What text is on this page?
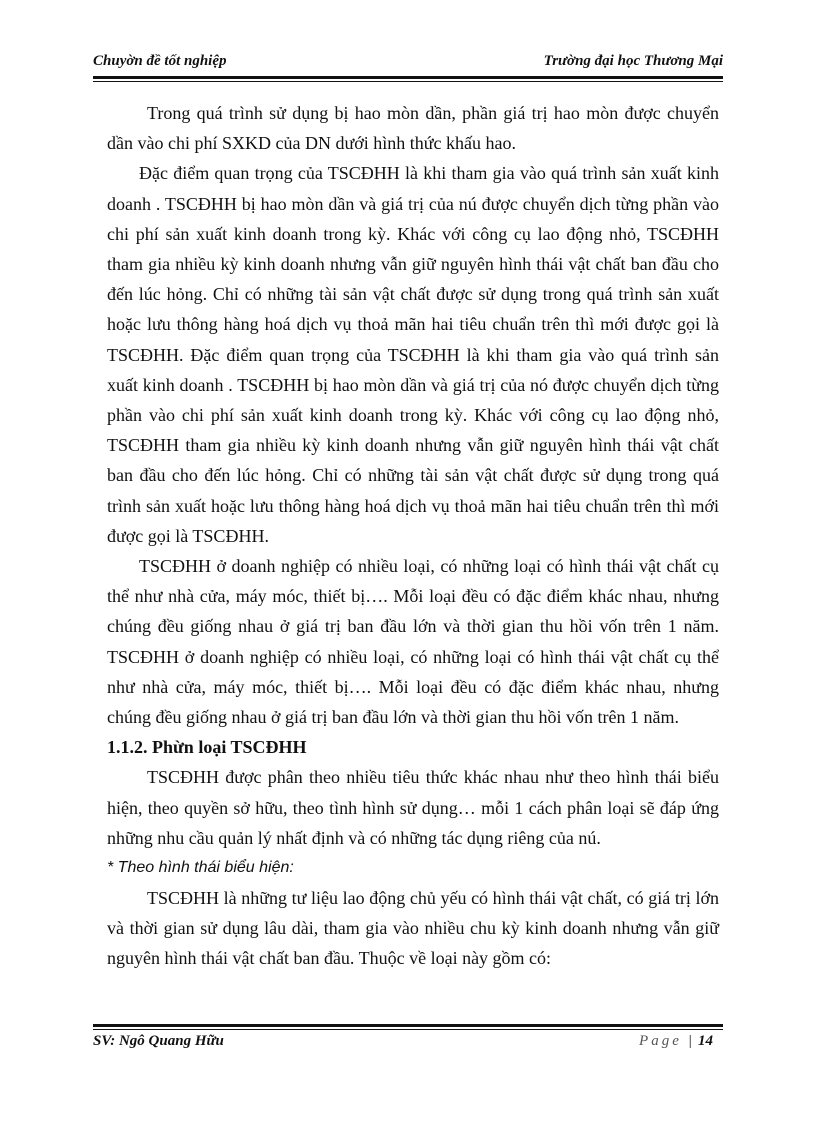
Chuyờn đề tốt nghiệp	Trường đại học Thương Mại

Trong quá trình sử dụng bị hao mòn dần, phần giá trị hao mòn được chuyển dần vào chi phí SXKD của DN dưới hình thức khấu hao.

Đặc điểm quan trọng của TSCĐHH là khi tham gia vào quá trình sản xuất kinh doanh . TSCĐHH bị hao mòn dần và giá trị của nú được chuyển dịch từng phần vào chi phí sản xuất kinh doanh trong kỳ. Khác với công cụ lao động nhỏ, TSCĐHH tham gia nhiều kỳ kinh doanh nhưng vẫn giữ nguyên hình thái vật chất ban đầu cho đến lúc hỏng. Chỉ có những tài sản vật chất được sử dụng trong quá trình sản xuất hoặc lưu thông hàng hoá dịch vụ thoả mãn hai tiêu chuẩn trên thì mới được gọi là TSCĐHH. Đặc điểm quan trọng của TSCĐHH là khi tham gia vào quá trình sản xuất kinh doanh . TSCĐHH bị hao mòn dần và giá trị của nó được chuyển dịch từng phần vào chi phí sản xuất kinh doanh trong kỳ. Khác với công cụ lao động nhỏ, TSCĐHH tham gia nhiều kỳ kinh doanh nhưng vẫn giữ nguyên hình thái vật chất ban đầu cho đến lúc hỏng. Chỉ có những tài sản vật chất được sử dụng trong quá trình sản xuất hoặc lưu thông hàng hoá dịch vụ thoả mãn hai tiêu chuẩn trên thì mới được gọi là TSCĐHH.

TSCĐHH ở doanh nghiệp có nhiều loại, có những loại có hình thái vật chất cụ thể như nhà cửa, máy móc, thiết bị…. Mỗi loại đều có đặc điểm khác nhau, nhưng chúng đều giống nhau ở giá trị ban đầu lớn và thời gian thu hồi vốn trên 1 năm. TSCĐHH ở doanh nghiệp có nhiều loại, có những loại có hình thái vật chất cụ thể như nhà cửa, máy móc, thiết bị…. Mỗi loại đều có đặc điểm khác nhau, nhưng chúng đều giống nhau ở giá trị ban đầu lớn và thời gian thu hồi vốn trên 1 năm.

1.1.2. Phừn loại TSCĐHH

TSCĐHH được phân theo nhiều tiêu thức khác nhau như theo hình thái biểu hiện, theo quyền sở hữu, theo tình hình sử dụng… mỗi 1 cách phân loại sẽ đáp ứng những nhu cầu quản lý nhất định và có những tác dụng riêng của nú.

* Theo hình thái biểu hiện:

TSCĐHH là những tư liệu lao động chủ yếu có hình thái vật chất, có giá trị lớn và thời gian sử dụng lâu dài, tham gia vào nhiều chu kỳ kinh doanh nhưng vẫn giữ nguyên hình thái vật chất ban đầu. Thuộc về loại này gồm có:

SV: Ngô Quang Hữu	Page | 14
